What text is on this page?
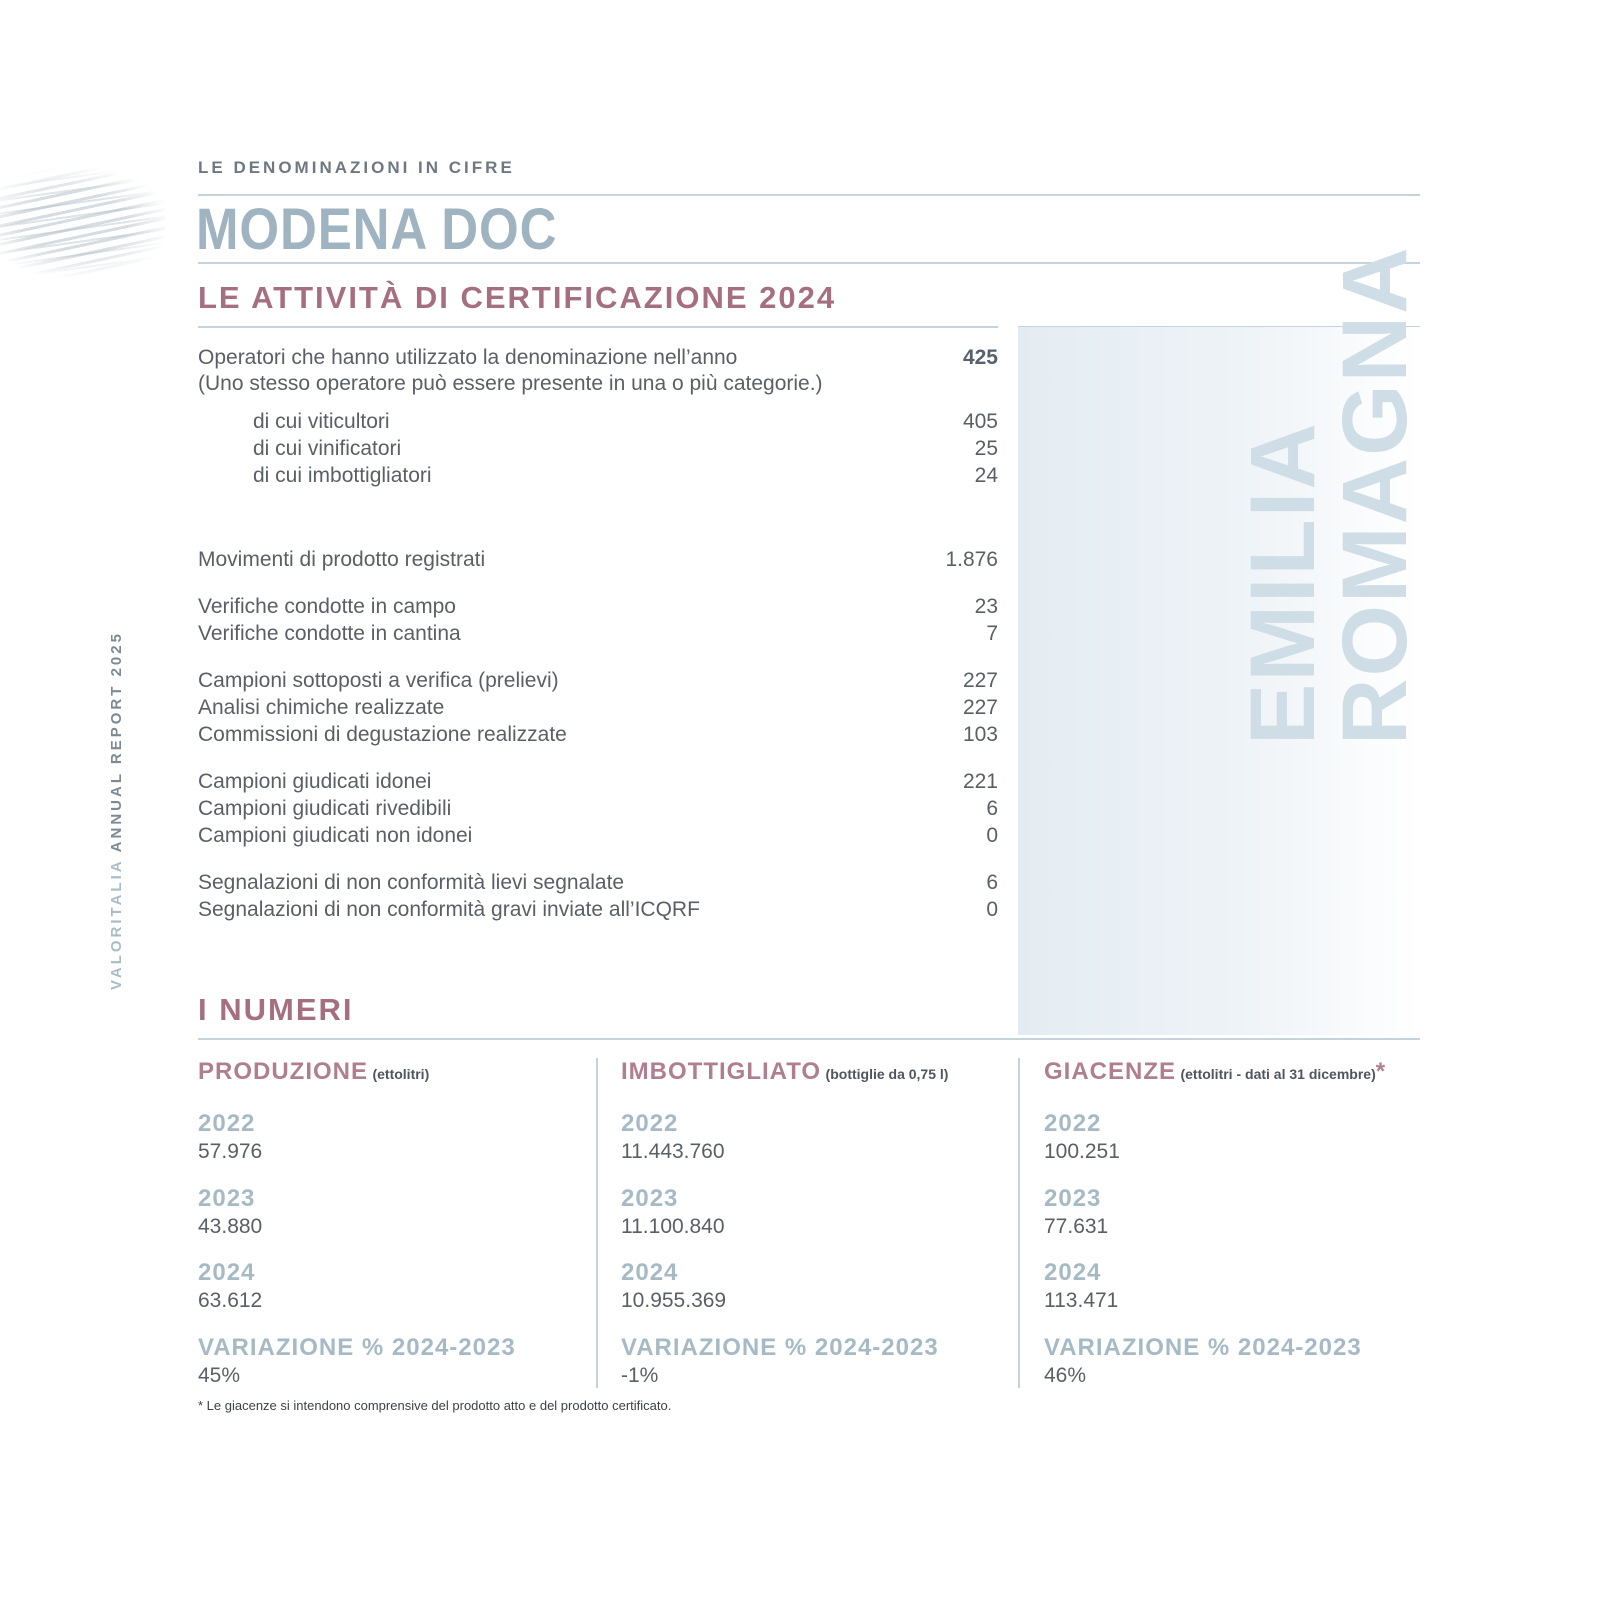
VALORITALIA ANNUAL REPORT 2025
LE DENOMINAZIONI IN CIFRE
MODENA DOC
LE ATTIVITÀ DI CERTIFICAZIONE 2024
EMILIA
ROMAGNA
Operatori che hanno utilizzato la denominazione nell’anno	425
(Uno stesso operatore può essere presente in una o più categorie.)
di cui viticultori	405
di cui vinificatori	25
di cui imbottigliatori	24
Movimenti di prodotto registrati	1.876
Verifiche condotte in campo	23
Verifiche condotte in cantina	7
Campioni sottoposti a verifica (prelievi)	227
Analisi chimiche realizzate	227
Commissioni di degustazione realizzate	103
Campioni giudicati idonei	221
Campioni giudicati rivedibili	6
Campioni giudicati non idonei	0
Segnalazioni di non conformità lievi segnalate	6
Segnalazioni di non conformità gravi inviate all’ICQRF	0
I NUMERI
PRODUZIONE (ettolitri)
2022
57.976
2023
43.880
2024
63.612
VARIAZIONE % 2024-2023
45%
IMBOTTIGLIATO (bottiglie da 0,75 l)
2022
11.443.760
2023
11.100.840
2024
10.955.369
VARIAZIONE % 2024-2023
-1%
GIACENZE (ettolitri - dati al 31 dicembre)*
2022
100.251
2023
77.631
2024
113.471
VARIAZIONE % 2024-2023
46%
* Le giacenze si intendono comprensive del prodotto atto e del prodotto certificato.
